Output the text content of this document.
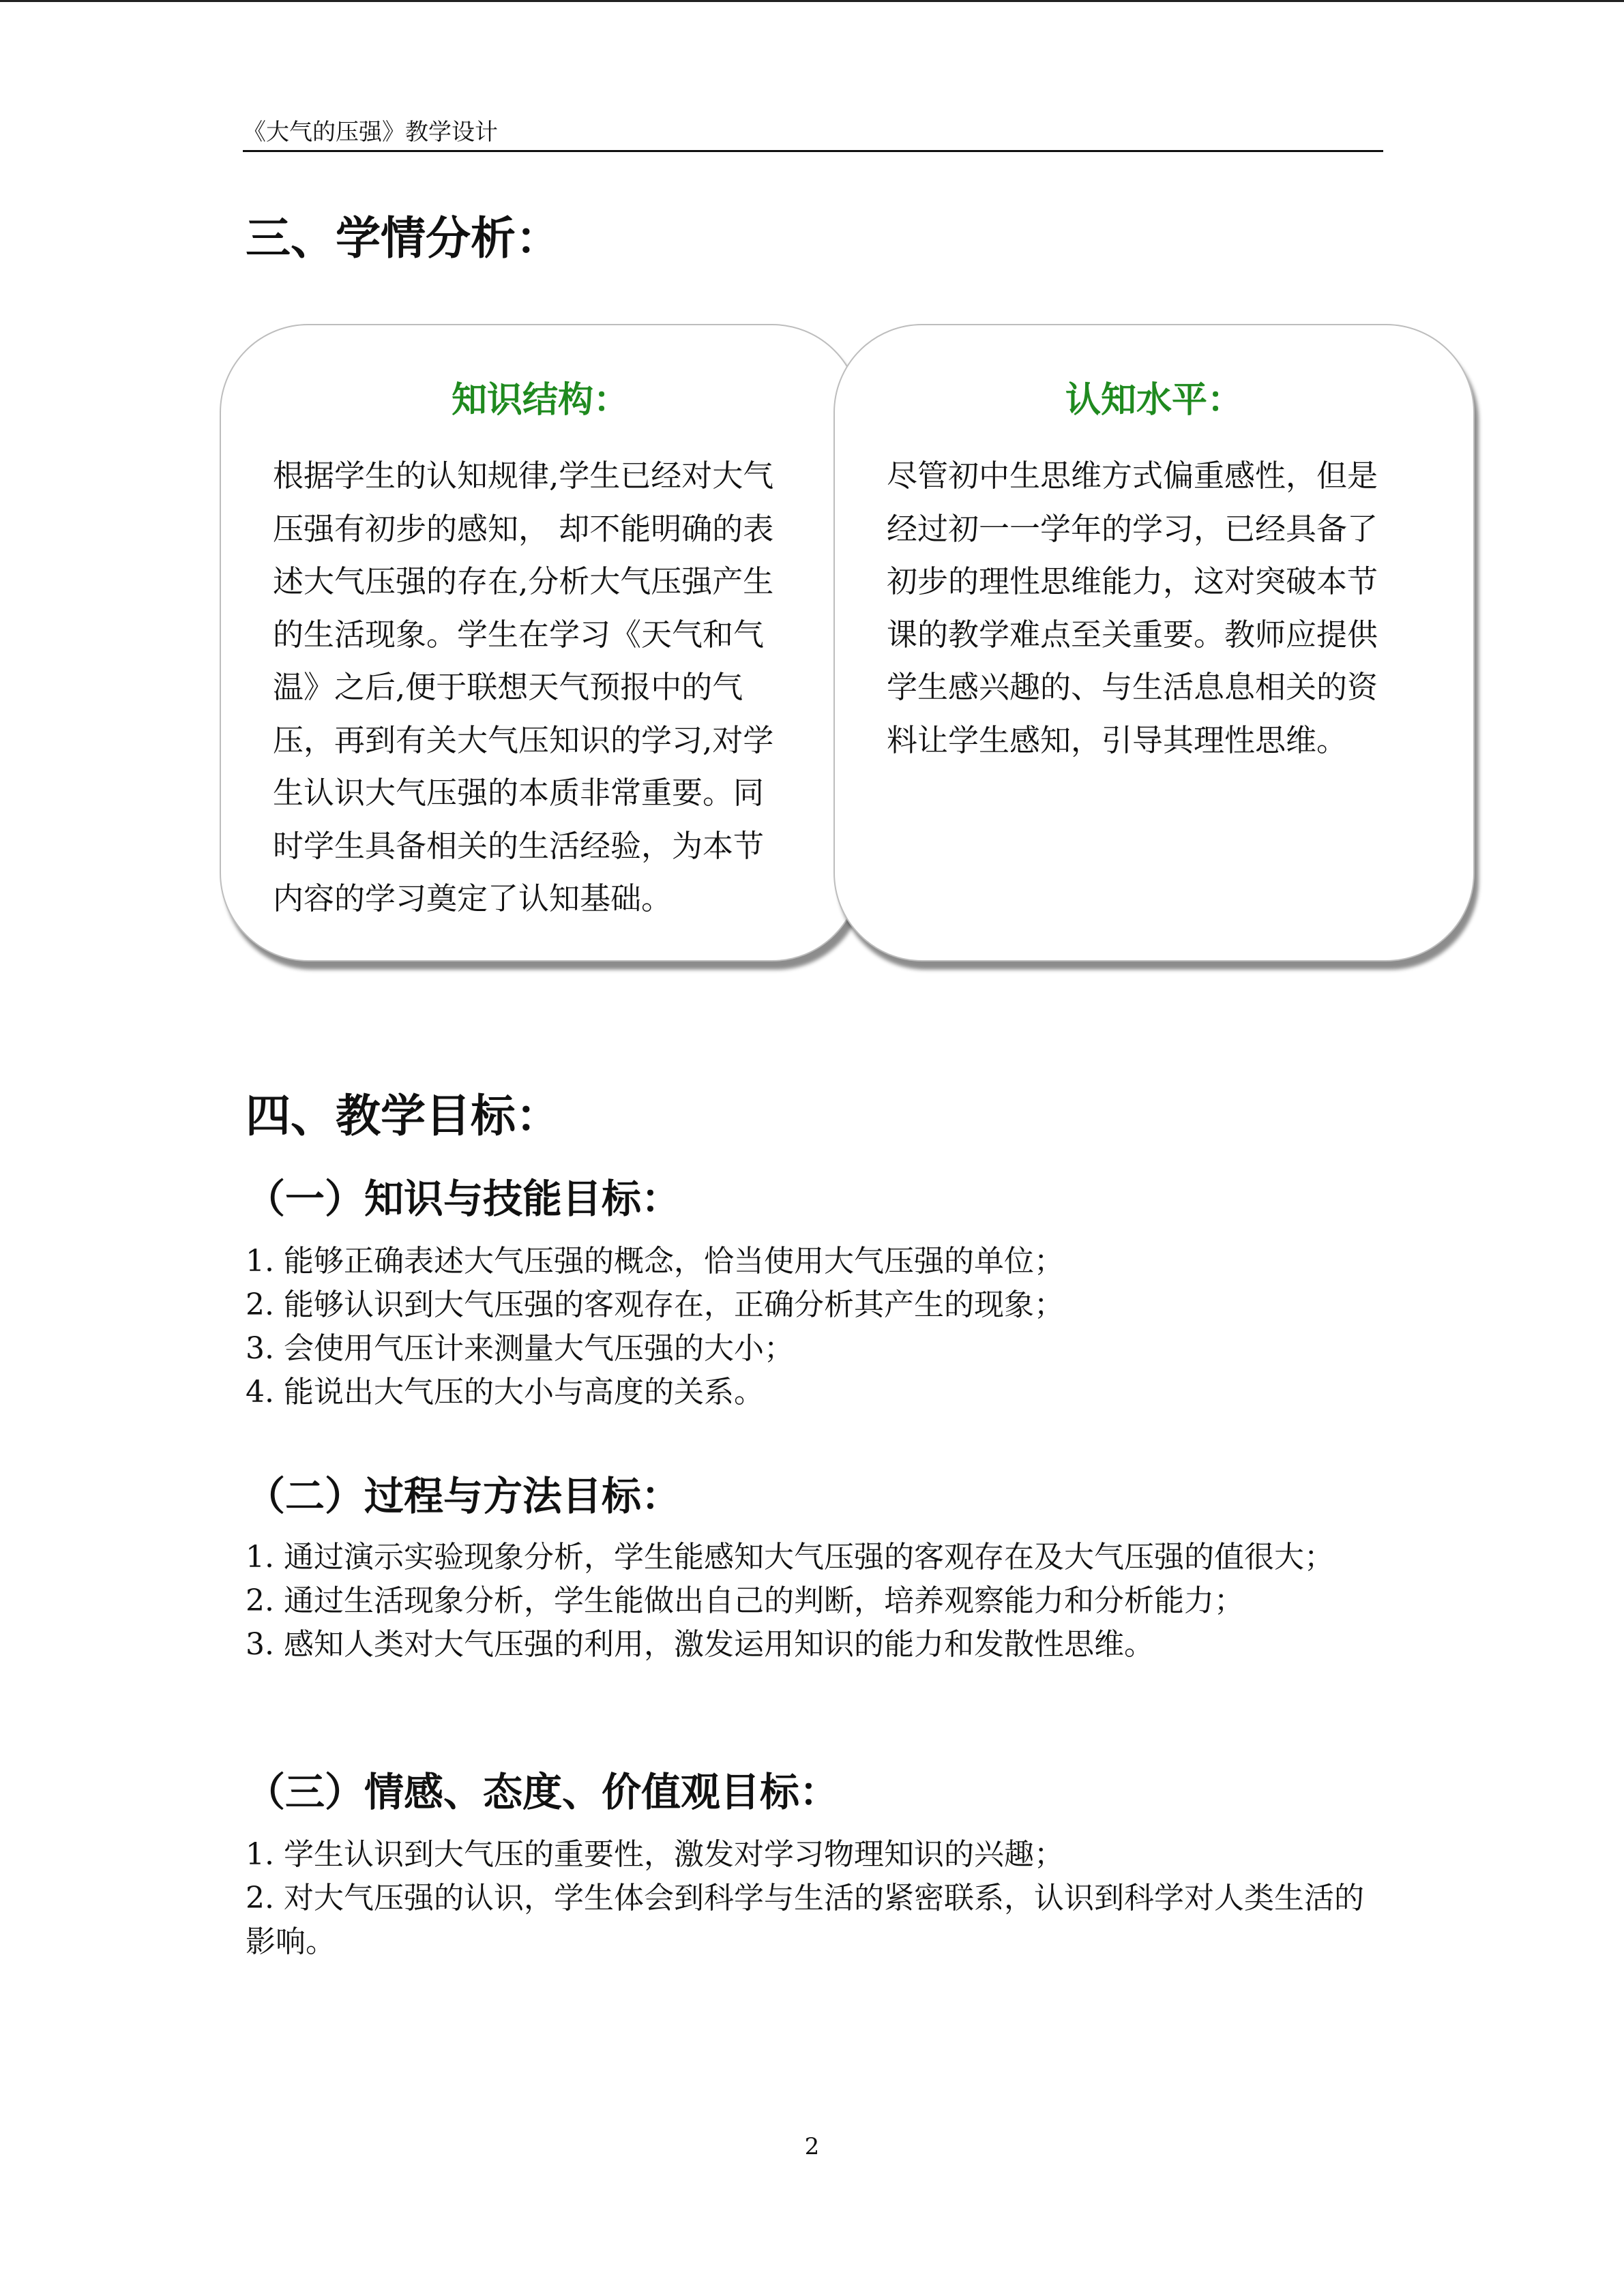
《大气的压强》教学设计
三、学情分析：
知识结构：

根据学生的认知规律,学生已经对大气
压强有初步的感知， 却不能明确的表
述大气压强的存在,分析大气压强产生
的生活现象。学生在学习《天气和气
温》之后,便于联想天气预报中的气
压，再到有关大气压知识的学习,对学
生认识大气压强的本质非常重要。同
时学生具备相关的生活经验，为本节
内容的学习奠定了认知基础。

认知水平：

尽管初中生思维方式偏重感性，但是
经过初一一学年的学习，已经具备了
初步的理性思维能力，这对突破本节
课的教学难点至关重要。教师应提供
学生感兴趣的、与生活息息相关的资
料让学生感知，引导其理性思维。

四、教学目标：
（一）知识与技能目标：
1. 能够正确表述大气压强的概念，恰当使用大气压强的单位；
2. 能够认识到大气压强的客观存在，正确分析其产生的现象；
3. 会使用气压计来测量大气压强的大小；
4. 能说出大气压的大小与高度的关系。
（二）过程与方法目标：
1. 通过演示实验现象分析，学生能感知大气压强的客观存在及大气压强的值很大；
2. 通过生活现象分析，学生能做出自己的判断，培养观察能力和分析能力；
3. 感知人类对大气压强的利用，激发运用知识的能力和发散性思维。
（三）情感、态度、价值观目标：
1. 学生认识到大气压的重要性，激发对学习物理知识的兴趣；
2. 对大气压强的认识，学生体会到科学与生活的紧密联系，认识到科学对人类生活的影响。
2
